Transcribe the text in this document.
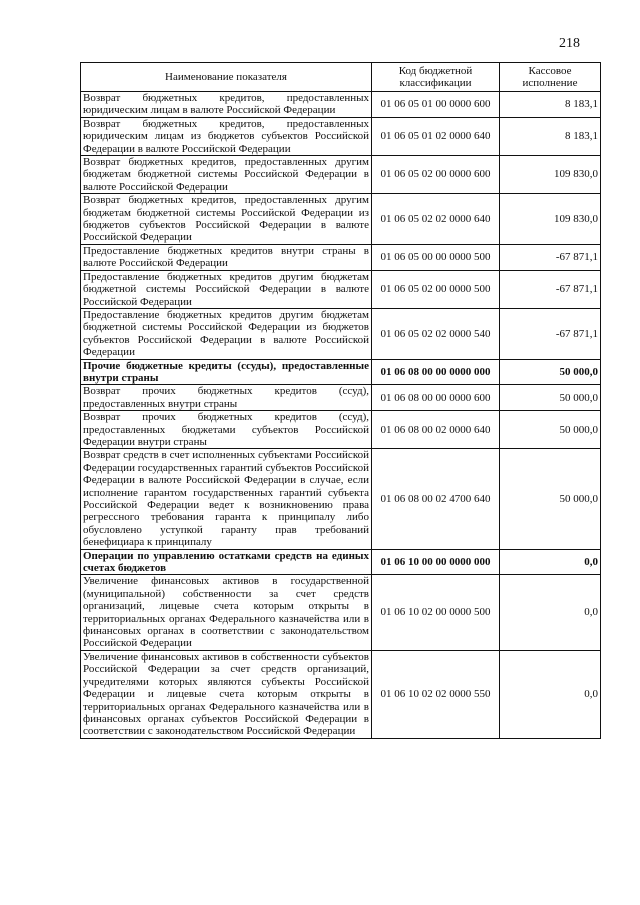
218
Наименование показателя	Код бюджетной классификации	Кассовое исполнение
Возврат бюджетных кредитов, предоставленных юридическим лицам в валюте Российской Федерации	01 06 05 01 00 0000 600	8 183,1
Возврат бюджетных кредитов, предоставленных юридическим лицам из бюджетов субъектов Российской Федерации в валюте Российской Федерации	01 06 05 01 02 0000 640	8 183,1
Возврат бюджетных кредитов, предоставленных другим бюджетам бюджетной системы Российской Федерации в валюте Российской Федерации	01 06 05 02 00 0000 600	109 830,0
Возврат бюджетных кредитов, предоставленных другим бюджетам бюджетной системы Российской Федерации из бюджетов субъектов Российской Федерации в валюте Российской Федерации	01 06 05 02 02 0000 640	109 830,0
Предоставление бюджетных кредитов внутри страны в валюте Российской Федерации	01 06 05 00 00 0000 500	-67 871,1
Предоставление бюджетных кредитов другим бюджетам бюджетной системы Российской Федерации в валюте Российской Федерации	01 06 05 02 00 0000 500	-67 871,1
Предоставление бюджетных кредитов другим бюджетам бюджетной системы Российской Федерации из бюджетов субъектов Российской Федерации в валюте Российской Федерации	01 06 05 02 02 0000 540	-67 871,1
Прочие бюджетные кредиты (ссуды), предоставленные внутри страны	01 06 08 00 00 0000 000	50 000,0
Возврат прочих бюджетных кредитов (ссуд), предоставленных внутри страны	01 06 08 00 00 0000 600	50 000,0
Возврат прочих бюджетных кредитов (ссуд), предоставленных бюджетами субъектов Российской Федерации внутри страны	01 06 08 00 02 0000 640	50 000,0
Возврат средств в счет исполненных субъектами Российской Федерации государственных гарантий субъектов Российской Федерации в валюте Российской Федерации в случае, если исполнение гарантом государственных гарантий субъекта Российской Федерации ведет к возникновению права регрессного требования гаранта к принципалу либо обусловлено уступкой гаранту прав требований бенефициара к принципалу	01 06 08 00 02 4700 640	50 000,0
Операции по управлению остатками средств на единых счетах бюджетов	01 06 10 00 00 0000 000	0,0
Увеличение финансовых активов в государственной (муниципальной) собственности за счет средств организаций, лицевые счета которым открыты в территориальных органах Федерального казначейства или в финансовых органах в соответствии с законодательством Российской Федерации	01 06 10 02 00 0000 500	0,0
Увеличение финансовых активов в собственности субъектов Российской Федерации за счет средств организаций, учредителями которых являются субъекты Российской Федерации и лицевые счета которым открыты в территориальных органах Федерального казначейства или в финансовых органах субъектов Российской Федерации в соответствии с законодательством Российской Федерации	01 06 10 02 02 0000 550	0,0
